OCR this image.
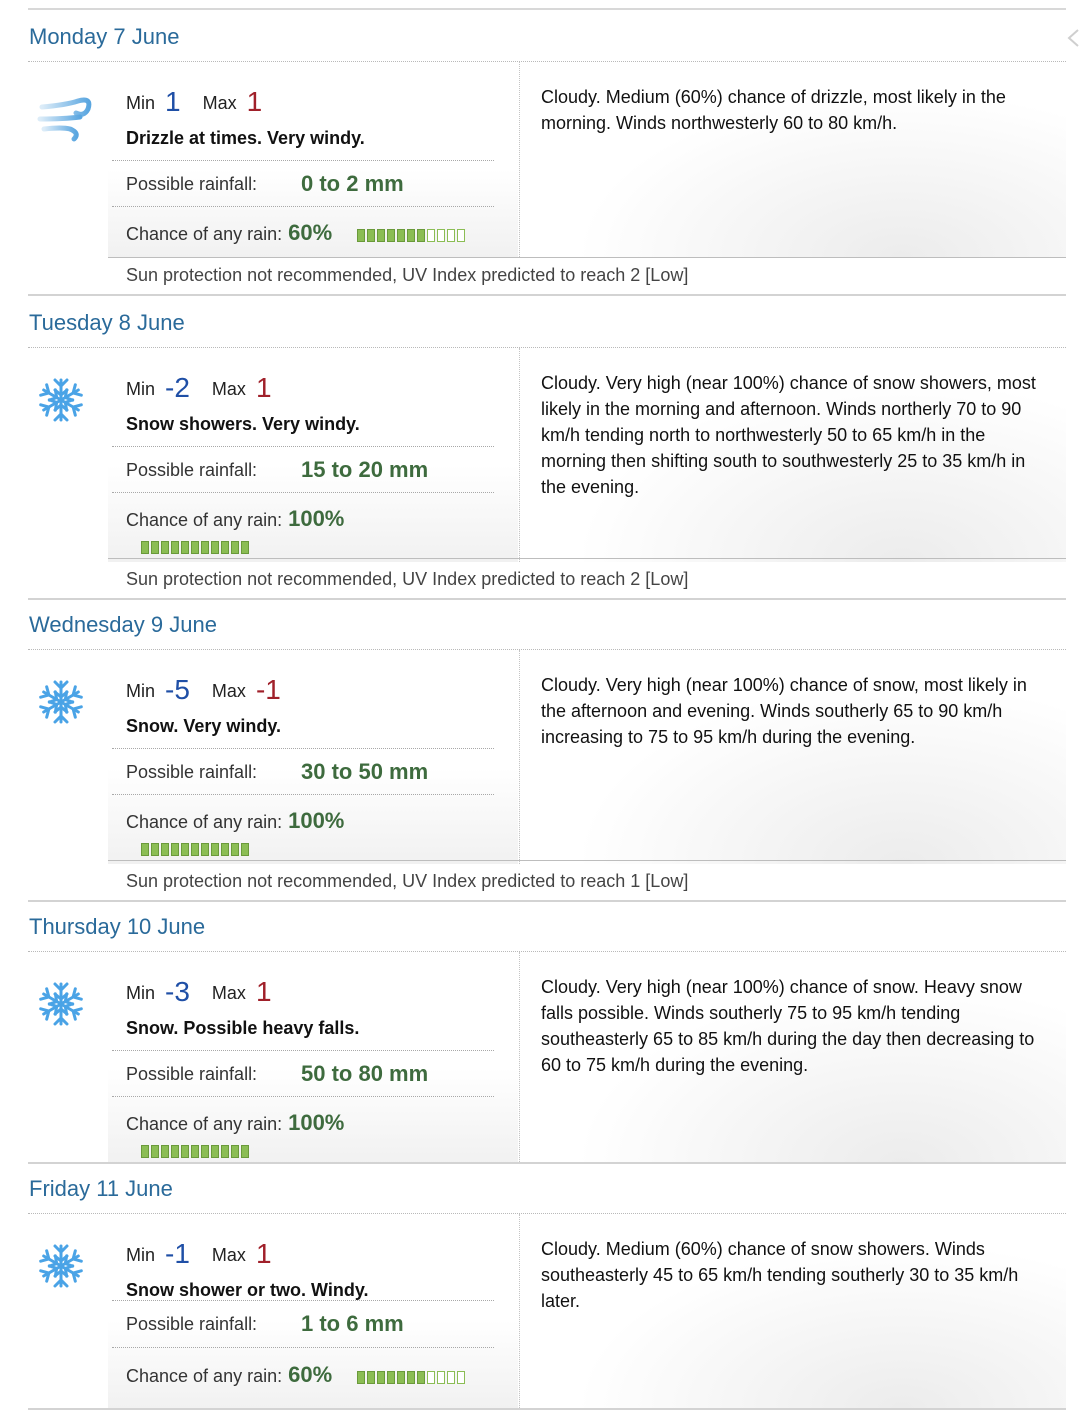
Monday 7 June
Min 1 Max 1
Drizzle at times. Very windy.
Possible rainfall: 0 to 2 mm
Chance of any rain: 60%
Cloudy. Medium (60%) chance of drizzle, most likely in the morning. Winds northwesterly 60 to 80 km/h.
Sun protection not recommended, UV Index predicted to reach 2 [Low]
Tuesday 8 June
Min -2 Max 1
Snow showers. Very windy.
Possible rainfall: 15 to 20 mm
Chance of any rain: 100%

Cloudy. Very high (near 100%) chance of snow showers, most likely in the morning and afternoon. Winds northerly 70 to 90 km/h tending north to northwesterly 50 to 65 km/h in the morning then shifting south to southwesterly 25 to 35 km/h in the evening.
Sun protection not recommended, UV Index predicted to reach 2 [Low]
Wednesday 9 June
Min -5 Max -1
Snow. Very windy.
Possible rainfall: 30 to 50 mm
Chance of any rain: 100%

Cloudy. Very high (near 100%) chance of snow, most likely in the afternoon and evening. Winds southerly 65 to 90 km/h increasing to 75 to 95 km/h during the evening.
Sun protection not recommended, UV Index predicted to reach 1 [Low]
Thursday 10 June
Min -3 Max 1
Snow. Possible heavy falls.
Possible rainfall: 50 to 80 mm
Chance of any rain: 100%

Cloudy. Very high (near 100%) chance of snow. Heavy snow falls possible. Winds southerly 75 to 95 km/h tending southeasterly 65 to 85 km/h during the day then decreasing to 60 to 75 km/h during the evening.
Friday 11 June
Min -1 Max 1
Snow shower or two. Windy.
Possible rainfall: 1 to 6 mm
Chance of any rain: 60%
Cloudy. Medium (60%) chance of snow showers. Winds southeasterly 45 to 65 km/h tending southerly 30 to 35 km/h later.
